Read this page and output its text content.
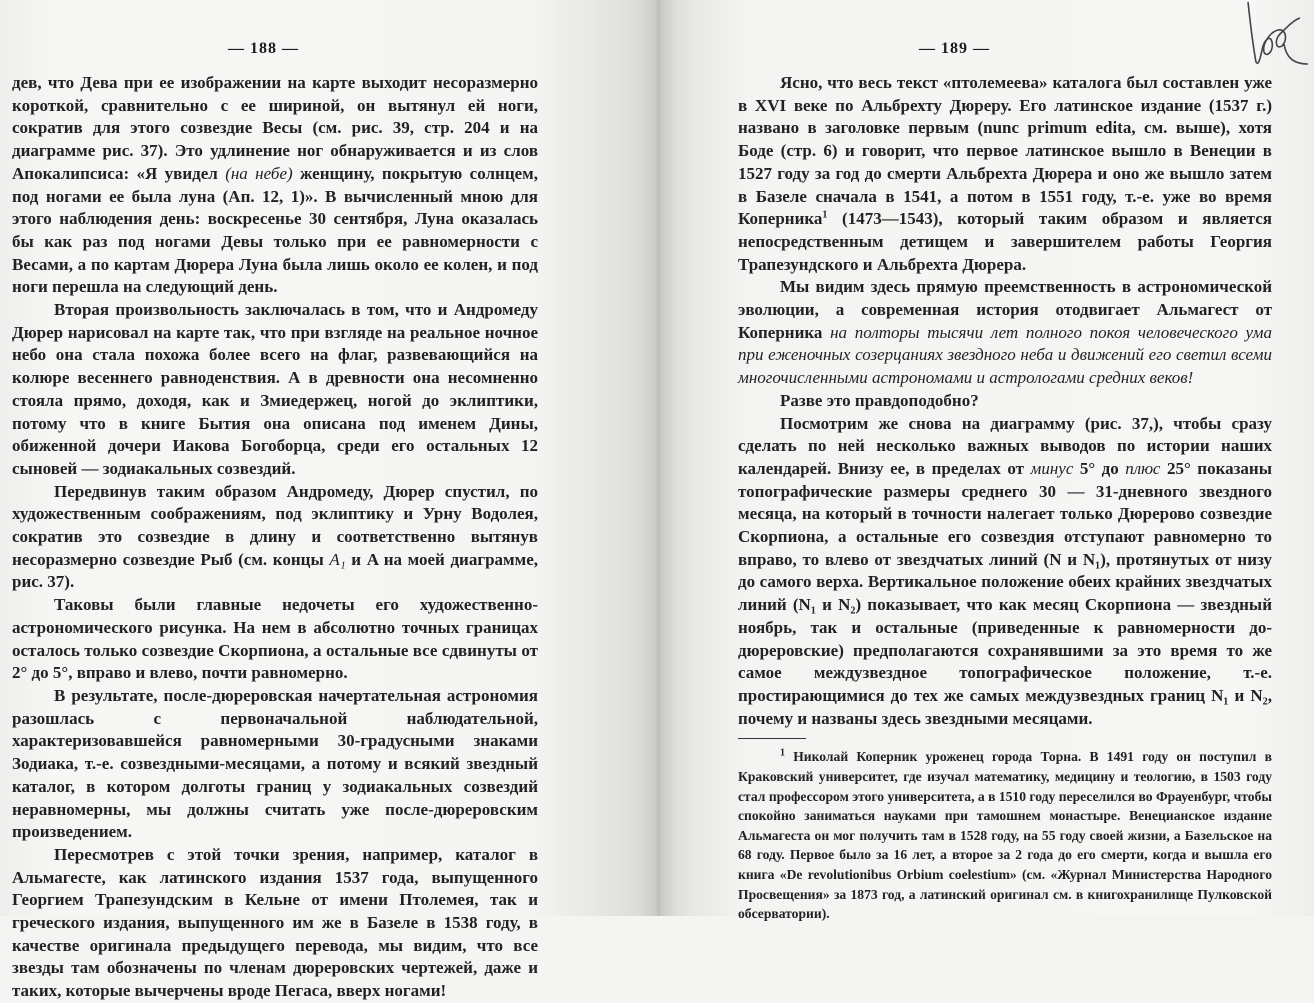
— 188 —

дев, что Дева при ее изображении на карте выходит несоразмерно короткой, сравнительно с ее шириной, он вытянул ей ноги, сократив для этого созвездие Весы (см. рис. 39, стр. 204 и на диаграмме рис. 37). Это удлинение ног обнаруживается и из слов Апокалипсиса: «Я увидел (на небе) женщину, покрытую солнцем, под ногами ее была луна (Ап. 12, 1)». В вычисленный мною для этого наблюдения день: воскресенье 30 сентября, Луна оказалась бы как раз под ногами Девы только при ее равномерности с Весами, а по картам Дюрера Луна была лишь около ее колен, и под ноги перешла на следующий день.

Вторая произвольность заключалась в том, что и Андромеду Дюрер нарисовал на карте так, что при взгляде на реальное ночное небо она стала похожа более всего на флаг, развевающийся на колюре весеннего равноденствия. А в древности она несомненно стояла прямо, доходя, как и Змиедержец, ногой до эклиптики, потому что в книге Бытия она описана под именем Дины, обиженной дочери Иакова Богоборца, среди его остальных 12 сыновей — зодиакальных созвездий.

Передвинув таким образом Андромеду, Дюрер спустил, по художественным соображениям, под эклиптику и Урну Водолея, сократив это созвездие в длину и соответственно вытянув несоразмерно созвездие Рыб (см. концы A₁ и A на моей диаграмме, рис. 37).

Таковы были главные недочеты его художественно-астрономического рисунка. На нем в абсолютно точных границах осталось только созвездие Скорпиона, а остальные все сдвинуты от 2° до 5°, вправо и влево, почти равномерно.

В результате, после-дюреровская начертательная астрономия разошлась с первоначальной наблюдательной, характеризовавшейся равномерными 30-градусными знаками Зодиака, т.-е. созвездными-месяцами, а потому и всякий звездный каталог, в котором долготы границ у зодиакальных созвездий неравномерны, мы должны считать уже после-дюреровским произведением.

Пересмотрев с этой точки зрения, например, каталог в Альмагесте, как латинского издания 1537 года, выпущенного Георгием Трапезундским в Кельне от имени Птолемея, так и греческого издания, выпущенного им же в Базеле в 1538 году, в качестве оригинала предыдущего перевода, мы видим, что все звезды там обозначены по членам дюреровских чертежей, даже и таких, которые вычерчены вроде Пегаса, вверх ногами!

— 189 —

Ясно, что весь текст «птолемеева» каталога был составлен уже в XVI веке по Альбрехту Дюреру. Его латинское издание (1537 г.) названо в заголовке первым (nunc primum edita, см. выше), хотя Боде (стр. 6) и говорит, что первое латинское вышло в Венеции в 1527 году за год до смерти Альбрехта Дюрера и оно же вышло затем в Базеле сначала в 1541, а потом в 1551 году, т.-е. уже во время Коперника$^1$ (1473—1543), который таким образом и является непосредственным детищем и завершителем работы Георгия Трапезундского и Альбрехта Дюрера.

Мы видим здесь прямую преемственность в астрономической эволюции, а современная история отодвигает Альмагест от Коперника на полторы тысячи лет полного покоя человеческого ума при еженочных созерцаниях звездного неба и движений его светил всеми многочисленными астрономами и астрологами средних веков!

Разве это правдоподобно?

Посмотрим же снова на диаграмму (рис. 37,), чтобы сразу сделать по ней несколько важных выводов по истории наших календарей. Внизу ее, в пределах от минус 5° до плюс 25° показаны топографические размеры среднего 30 — 31-дневного звездного месяца, на который в точности налегает только Дюрерово созвездие Скорпиона, а остальные его созвездия отступают равномерно то вправо, то влево от звездчатых линий (N и N₁), протянутых от низу до самого верха. Вертикальное положение обеих крайних звездчатых линий (N₁ и N₂) показывает, что как месяц Скорпиона — звездный ноябрь, так и остальные (приведенные к равномерности до-дюреровские) предполагаются сохранявшими за это время то же самое междузвездное топографическое положение, т.-е. простирающимися до тех же самых междузвездных границ N₁ и N₂, почему и названы здесь звездными месяцами.

$^1$ Николай Коперник уроженец города Торна. В 1491 году он поступил в Краковский университет, где изучал математику, медицину и теологию, в 1503 году стал профессором этого университета, а в 1510 году переселился во Фрауенбург, чтобы спокойно заниматься науками при тамошнем монастыре. Венецианское издание Альмагеста он мог получить там в 1528 году, на 55 году своей жизни, а Базельское на 68 году. Первое было за 16 лет, а второе за 2 года до его смерти, когда и вышла его книга «De revolutionibus Orbium coelestium» (см. «Журнал Министерства Народного Просвещения» за 1873 год, а латинский оригинал см. в книгохранилище Пулковской обсерватории).
